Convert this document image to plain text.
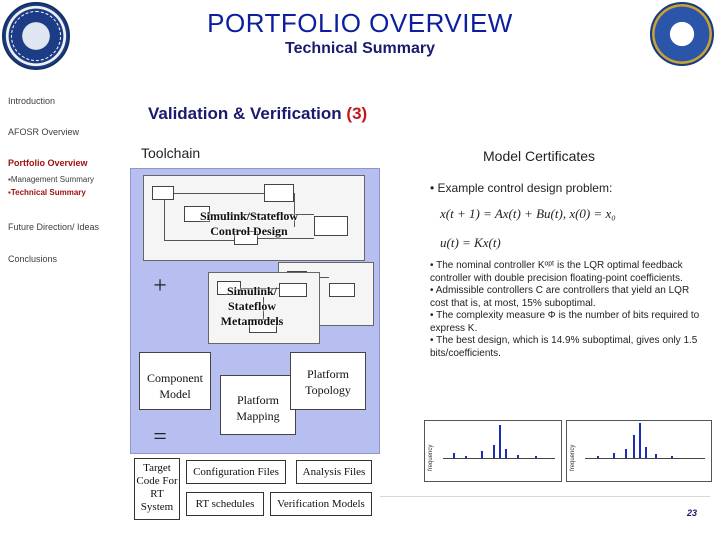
★
PORTFOLIO OVERVIEW
Technical Summary
Introduction
AFOSR Overview
Portfolio Overview
▪Management Summary
▪Technical Summary
Future Direction/ Ideas
Conclusions
Validation & Verification (3)
Toolchain	Model Certificates
Simulink/Stateflow Control Design
+	Simulink/ Stateflow Metamodels
Component Model	Platform Mapping
Platform Topology
=
Target Code For RT System
Configuration Files	Analysis Files
RT schedules	Verification Models
• Example control design problem:
x(t + 1) = Ax(t) + Bu(t), x(0) = x₀
u(t) = Kx(t)
• The nominal controller Kᵒᵖᵗ is the LQR optimal feedback controller with double precision floating-point coefficients.
• Admissible controllers C are controllers that yield an LQR cost that is, at most, 15% suboptimal.
• The complexity measure Φ is the number of bits required to express K.
• The best design, which is 14.9% suboptimal, gives only 1.5 bits/coefficients.
frequency	frequency
23
